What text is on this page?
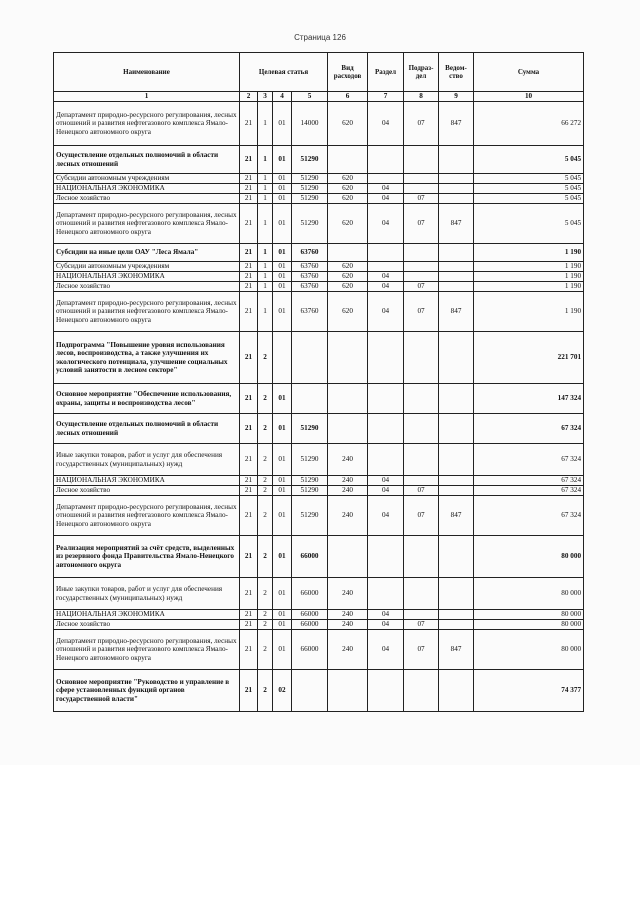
Страница 126
Наименование	Целевая статья				Вид расходов	Раздел	Подраз-дел	Ведом-ство	Сумма
1	2	3	4	5	6	7	8	9	10
Департамент природно-ресурсного регулирования, лесных отношений и развития нефтегазового комплекса Ямало-Ненецкого автономного округа	21	1	01	14000	620	04	07	847	66 272
Осуществление отдельных полномочий в области лесных отношений	21	1	01	51290					5 045
Субсидии автономным учреждениям	21	1	01	51290	620				5 045
НАЦИОНАЛЬНАЯ ЭКОНОМИКА	21	1	01	51290	620	04			5 045
Лесное хозяйство	21	1	01	51290	620	04	07		5 045
Департамент природно-ресурсного регулирования, лесных отношений и развития нефтегазового комплекса Ямало-Ненецкого автономного округа	21	1	01	51290	620	04	07	847	5 045
Субсидии на иные цели ОАУ "Леса Ямала"	21	1	01	63760					1 190
Субсидии автономным учреждениям	21	1	01	63760	620				1 190
НАЦИОНАЛЬНАЯ ЭКОНОМИКА	21	1	01	63760	620	04			1 190
Лесное хозяйство	21	1	01	63760	620	04	07		1 190
Департамент природно-ресурсного регулирования, лесных отношений и развития нефтегазового комплекса Ямало-Ненецкого автономного округа	21	1	01	63760	620	04	07	847	1 190
Подпрограмма "Повышение уровня использования лесов, воспроизводства, а также улучшения их экологического потенциала, улучшение социальных условий занятости в лесном секторе"	21	2							221 701
Основное мероприятие "Обеспечение использования, охраны, защиты и воспроизводства лесов"	21	2	01						147 324
Осуществление отдельных полномочий в области лесных отношений	21	2	01	51290					67 324
Иные закупки товаров, работ и услуг для обеспечения государственных (муниципальных) нужд	21	2	01	51290	240				67 324
НАЦИОНАЛЬНАЯ ЭКОНОМИКА	21	2	01	51290	240	04			67 324
Лесное хозяйство	21	2	01	51290	240	04	07		67 324
Департамент природно-ресурсного регулирования, лесных отношений и развития нефтегазового комплекса Ямало-Ненецкого автономного округа	21	2	01	51290	240	04	07	847	67 324
Реализация мероприятий за счёт средств, выделенных из резервного фонда Правительства Ямало-Ненецкого автономного округа	21	2	01	66000					80 000
Иные закупки товаров, работ и услуг для обеспечения государственных (муниципальных) нужд	21	2	01	66000	240				80 000
НАЦИОНАЛЬНАЯ ЭКОНОМИКА	21	2	01	66000	240	04			80 000
Лесное хозяйство	21	2	01	66000	240	04	07		80 000
Департамент природно-ресурсного регулирования, лесных отношений и развития нефтегазового комплекса Ямало-Ненецкого автономного округа	21	2	01	66000	240	04	07	847	80 000
Основное мероприятие "Руководство и управление в сфере установленных функций органов государственной власти"	21	2	02						74 377
